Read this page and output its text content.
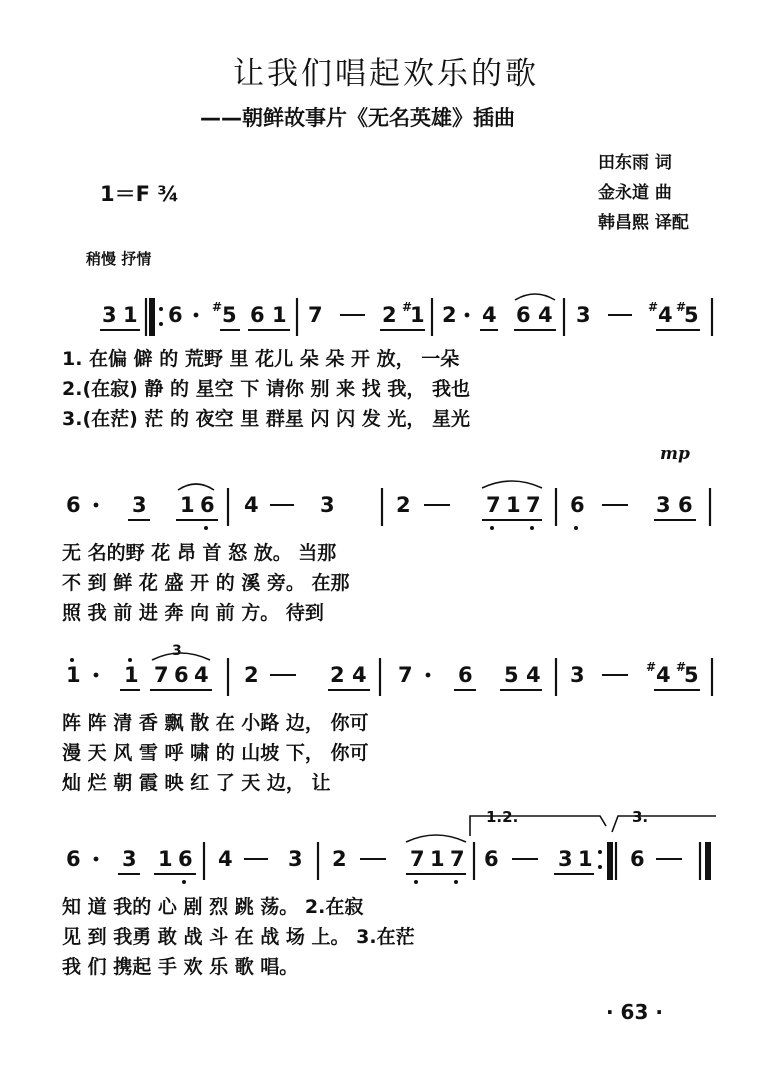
让我们唱起欢乐的歌
——朝鲜故事片《无名英雄》插曲
田东雨 词
金永道 曲
韩昌熙 译配
1＝F ¾
稍慢 抒情
3 1 6 # 5 6 1 7	2 #
1 2 4 6 4 3	# 4 #
5
6 3 1 6 4	3	2	7 1 7 6	3 6
1 1 7 6 4
3
2	2 4 7 6 5 4 3	# 4 #
5
1.2.	3.
6 3 1 6 4	3 2	7 1 7 6	3 1 6
mp
1. 在偏 僻 的 荒野 里 花儿 朵 朵 开 放， 一朵
2.(在寂) 静 的 星空 下 请你 别 来 找 我， 我也
3.(在茫) 茫 的 夜空 里 群星 闪 闪 发 光， 星光
无 名的野 花 昂 首 怒 放。 当那
不 到 鲜 花 盛 开 的 溪 旁。 在那
照 我 前 进 奔 向 前 方。 待到
阵 阵 清 香 飘 散 在 小路 边， 你可
漫 天 风 雪 呼 啸 的 山坡 下， 你可
灿 烂 朝 霞 映 红 了 天 边， 让
知 道 我的 心 剧 烈 跳 荡。 2.在寂
见 到 我勇 敢 战 斗 在 战 场 上。 3.在茫
我 们 携起 手 欢 乐 歌 唱。
· 63 ·
